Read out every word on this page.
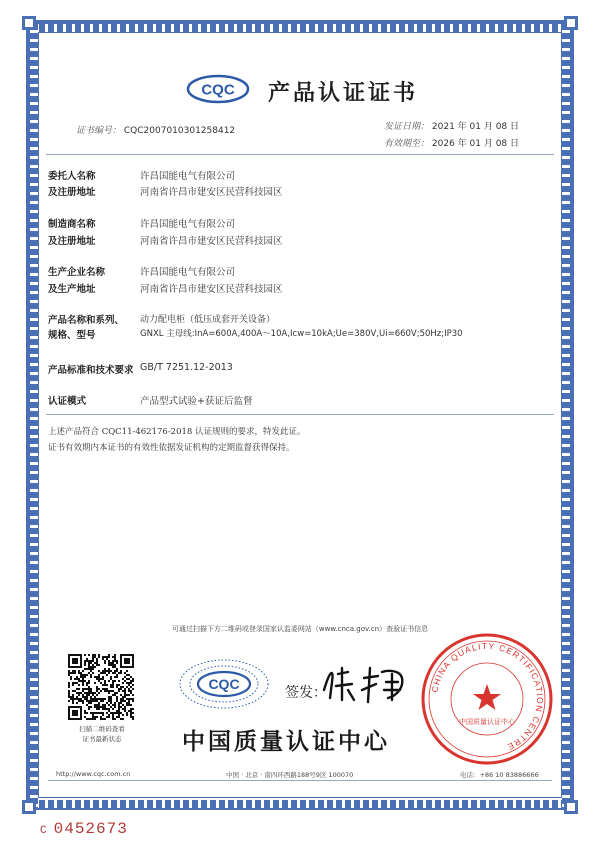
CQC 产品认证证书
证书编号： CQC2007010301258412	发证日期： 2021 年 01 月 08 日
有效期至： 2026 年 01 月 08 日
委托人名称	许昌国能电气有限公司
及注册地址	河南省许昌市建安区民营科技园区
制造商名称	许昌国能电气有限公司
及注册地址	河南省许昌市建安区民营科技园区
生产企业名称	许昌国能电气有限公司
及生产地址	河南省许昌市建安区民营科技园区
产品名称和系列、 动力配电柜（低压成套开关设备）
规格、型号	GNXL 主母线:InA=600A,400A～10A,Icw=10kA;Ue=380V,Ui=660V;50Hz;IP30
产品标准和技术要求 GB/T 7251.12-2013
认证模式	产品型式试验+获证后监督
上述产品符合 CQC11-462176-2018 认证规则的要求，特发此证。
证书有效期内本证书的有效性依据发证机构的定期监督获得保持。
可通过扫描下方二维码或登录国家认监委网站（www.cnca.gov.cn）查验证书信息
扫描二维码查看
证书最新状态
CQC
签发：
中国质量认证中心
CHINA QUALITY CERTIFICATION CENTRE
中国质量认证中心
http://www.cqc.com.cn	中国 · 北京 · 南四环西路188号9区 100070	电话：+86 10 83886666
C 0452673
